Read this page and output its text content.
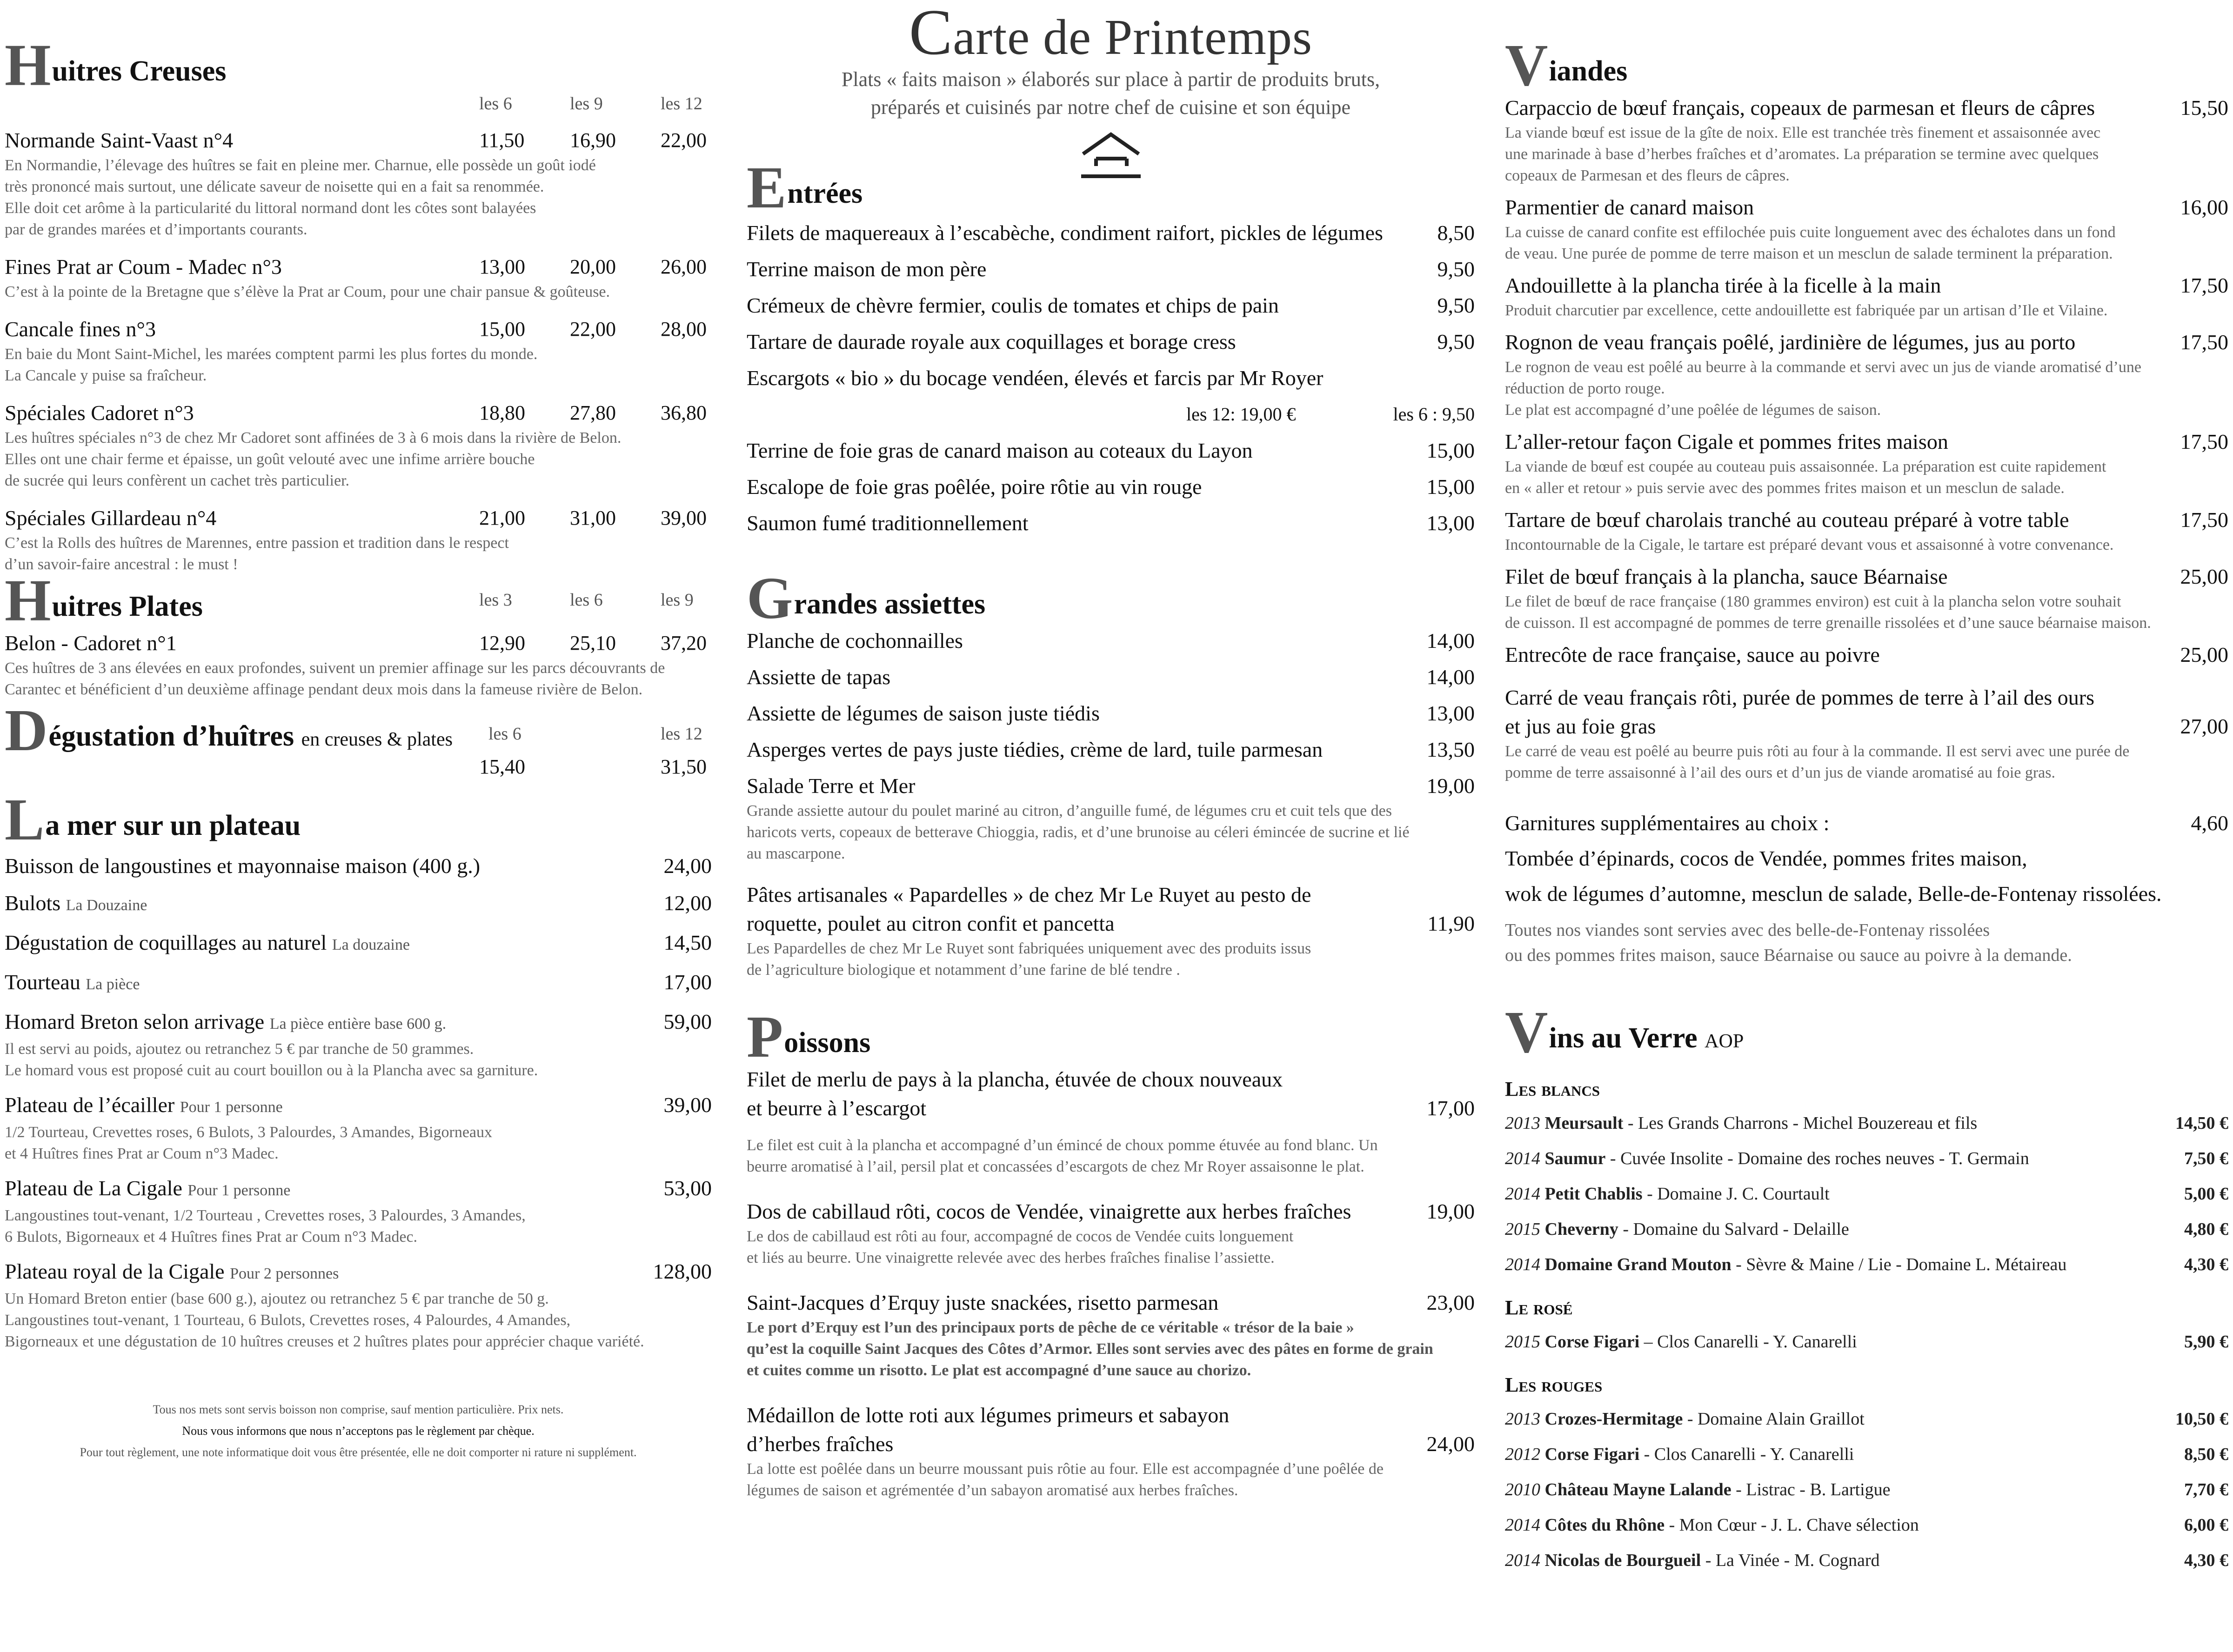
Carte de Printemps
Plats « faits maison » élaborés sur place à partir de produits bruts,
préparés et cuisinés par notre chef de cuisine et son équipe
Huitres Creuses
les 6	les 9	les 12
Normande Saint-Vaast n°4	11,50 16,90 22,00
En Normandie, l’élevage des huîtres se fait en pleine mer. Charnue, elle possède un goût iodé
très prononcé mais surtout, une délicate saveur de noisette qui en a fait sa renommée.
Elle doit cet arôme à la particularité du littoral normand dont les côtes sont balayées
par de grandes marées et d’importants courants.
Fines Prat ar Coum - Madec n°3	13,00 20,00 26,00
C’est à la pointe de la Bretagne que s’élève la Prat ar Coum, pour une chair pansue & goûteuse.
Cancale fines n°3	15,00 22,00 28,00
En baie du Mont Saint-Michel, les marées comptent parmi les plus fortes du monde.
La Cancale y puise sa fraîcheur.
Spéciales Cadoret n°3	18,80 27,80 36,80
Les huîtres spéciales n°3 de chez Mr Cadoret sont affinées de 3 à 6 mois dans la rivière de Belon.
Elles ont une chair ferme et épaisse, un goût velouté avec une infime arrière bouche
de sucrée qui leurs confèrent un cachet très particulier.
Spéciales Gillardeau n°4	21,00 31,00 39,00
C’est la Rolls des huîtres de Marennes, entre passion et tradition dans le respect
d’un savoir-faire ancestral : le must !
Huitres Plates	les 3	les 6	les 9
Belon - Cadoret n°1	12,90 25,10 37,20
Ces huîtres de 3 ans élevées en eaux profondes, suivent un premier affinage sur les parcs découvrants de
Carantec et bénéficient d’un deuxième affinage pendant deux mois dans la fameuse rivière de Belon.
Dégustation d’huîtres en creuses & plates	les 6	les 12
15,40	31,50
La mer sur un plateau
Buisson de langoustines et mayonnaise maison (400 g.)	24,00
Bulots La Douzaine	12,00
Dégustation de coquillages au naturel La douzaine	14,50
Tourteau La pièce	17,00
Homard Breton selon arrivage La pièce entière base 600 g.	59,00
Il est servi au poids, ajoutez ou retranchez 5 € par tranche de 50 grammes.
Le homard vous est proposé cuit au court bouillon ou à la Plancha avec sa garniture.
Plateau de l’écailler Pour 1 personne	39,00
1/2 Tourteau, Crevettes roses, 6 Bulots, 3 Palourdes, 3 Amandes, Bigorneaux
et 4 Huîtres fines Prat ar Coum n°3 Madec.
Plateau de La Cigale Pour 1 personne	53,00
Langoustines tout-venant, 1/2 Tourteau , Crevettes roses, 3 Palourdes, 3 Amandes,
6 Bulots, Bigorneaux et 4 Huîtres fines Prat ar Coum n°3 Madec.
Plateau royal de la Cigale Pour 2 personnes	128,00
Un Homard Breton entier (base 600 g.), ajoutez ou retranchez 5 € par tranche de 50 g.
Langoustines tout-venant, 1 Tourteau, 6 Bulots, Crevettes roses, 4 Palourdes, 4 Amandes,
Bigorneaux et une dégustation de 10 huîtres creuses et 2 huîtres plates pour apprécier chaque variété.
Tous nos mets sont servis boisson non comprise, sauf mention particulière. Prix nets.
Nous vous informons que nous n’acceptons pas le règlement par chèque.
Pour tout règlement, une note informatique doit vous être présentée, elle ne doit comporter ni rature ni supplément.
Entrées
Filets de maquereaux à l’escabèche, condiment raifort, pickles de légumes	8,50
Terrine maison de mon père	9,50
Crémeux de chèvre fermier, coulis de tomates et chips de pain	9,50
Tartare de daurade royale aux coquillages et borage cress	9,50
Escargots « bio » du bocage vendéen, élevés et farcis par Mr Royer
les 12: 19,00 €	les 6 : 9,50
Terrine de foie gras de canard maison au coteaux du Layon	15,00
Escalope de foie gras poêlée, poire rôtie au vin rouge	15,00
Saumon fumé traditionnellement	13,00
Grandes assiettes
Planche de cochonnailles	14,00
Assiette de tapas	14,00
Assiette de légumes de saison juste tiédis	13,00
Asperges vertes de pays juste tiédies, crème de lard, tuile parmesan	13,50
Salade Terre et Mer	19,00
Grande assiette autour du poulet mariné au citron, d’anguille fumé, de légumes cru et cuit tels que des
haricots verts, copeaux de betterave Chioggia, radis, et d’une brunoise au céleri émincée de sucrine et lié
au mascarpone.
Pâtes artisanales « Papardelles » de chez Mr Le Ruyet au pesto de
roquette, poulet au citron confit et pancetta	11,90
Les Papardelles de chez Mr Le Ruyet sont fabriquées uniquement avec des produits issus
de l’agriculture biologique et notamment d’une farine de blé tendre .
Poissons
Filet de merlu de pays à la plancha, étuvée de choux nouveaux
et beurre à l’escargot	17,00
Le filet est cuit à la plancha et accompagné d’un émincé de choux pomme étuvée au fond blanc. Un
beurre aromatisé à l’ail, persil plat et concassées d’escargots de chez Mr Royer assaisonne le plat.
Dos de cabillaud rôti, cocos de Vendée, vinaigrette aux herbes fraîches	19,00
Le dos de cabillaud est rôti au four, accompagné de cocos de Vendée cuits longuement
et liés au beurre. Une vinaigrette relevée avec des herbes fraîches finalise l’assiette.
Saint-Jacques d’Erquy juste snackées, risetto parmesan	23,00
Le port d’Erquy est l’un des principaux ports de pêche de ce véritable « trésor de la baie »
qu’est la coquille Saint Jacques des Côtes d’Armor. Elles sont servies avec des pâtes en forme de grain
et cuites comme un risotto. Le plat est accompagné d’une sauce au chorizo.
Médaillon de lotte roti aux légumes primeurs et sabayon
d’herbes fraîches	24,00
La lotte est poêlée dans un beurre moussant puis rôtie au four. Elle est accompagnée d’une poêlée de
légumes de saison et agrémentée d’un sabayon aromatisé aux herbes fraîches.
Viandes
Carpaccio de bœuf français, copeaux de parmesan et fleurs de câpres	15,50
La viande bœuf est issue de la gîte de noix. Elle est tranchée très finement et assaisonnée avec
une marinade à base d’herbes fraîches et d’aromates. La préparation se termine avec quelques
copeaux de Parmesan et des fleurs de câpres.
Parmentier de canard maison	16,00
La cuisse de canard confite est effilochée puis cuite longuement avec des échalotes dans un fond
de veau. Une purée de pomme de terre maison et un mesclun de salade terminent la préparation.
Andouillette à la plancha tirée à la ficelle à la main	17,50
Produit charcutier par excellence, cette andouillette est fabriquée par un artisan d’Ile et Vilaine.
Rognon de veau français poêlé, jardinière de légumes, jus au porto	17,50
Le rognon de veau est poêlé au beurre à la commande et servi avec un jus de viande aromatisé d’une
réduction de porto rouge.
Le plat est accompagné d’une poêlée de légumes de saison.
L’aller-retour façon Cigale et pommes frites maison	17,50
La viande de bœuf est coupée au couteau puis assaisonnée. La préparation est cuite rapidement
en « aller et retour » puis servie avec des pommes frites maison et un mesclun de salade.
Tartare de bœuf charolais tranché au couteau préparé à votre table	17,50
Incontournable de la Cigale, le tartare est préparé devant vous et assaisonné à votre convenance.
Filet de bœuf français à la plancha, sauce Béarnaise	25,00
Le filet de bœuf de race française (180 grammes environ) est cuit à la plancha selon votre souhait
de cuisson. Il est accompagné de pommes de terre grenaille rissolées et d’une sauce béarnaise maison.
Entrecôte de race française, sauce au poivre	25,00
Carré de veau français rôti, purée de pommes de terre à l’ail des ours
et jus au foie gras	27,00
Le carré de veau est poêlé au beurre puis rôti au four à la commande. Il est servi avec une purée de
pomme de terre assaisonné à l’ail des ours et d’un jus de viande aromatisé au foie gras.
Garnitures supplémentaires au choix :	4,60
Tombée d’épinards, cocos de Vendée, pommes frites maison,
wok de légumes d’automne, mesclun de salade, Belle-de-Fontenay rissolées.
Toutes nos viandes sont servies avec des belle-de-Fontenay rissolées
ou des pommes frites maison, sauce Béarnaise ou sauce au poivre à la demande.
Vins au Verre AOP
Les blancs
2013 Meursault - Les Grands Charrons - Michel Bouzereau et fils	14,50 €
2014 Saumur - Cuvée Insolite - Domaine des roches neuves - T. Germain	7,50 €
2014 Petit Chablis - Domaine J. C. Courtault	5,00 €
2015 Cheverny - Domaine du Salvard - Delaille	4,80 €
2014 Domaine Grand Mouton - Sèvre & Maine / Lie - Domaine L. Métaireau	4,30 €
Le rosé
2015 Corse Figari – Clos Canarelli - Y. Canarelli	5,90 €
Les rouges
2013 Crozes-Hermitage - Domaine Alain Graillot	10,50 €
2012 Corse Figari - Clos Canarelli - Y. Canarelli	8,50 €
2010 Château Mayne Lalande - Listrac - B. Lartigue	7,70 €
2014 Côtes du Rhône - Mon Cœur - J. L. Chave sélection	6,00 €
2014 Nicolas de Bourgueil - La Vinée - M. Cognard	4,30 €
